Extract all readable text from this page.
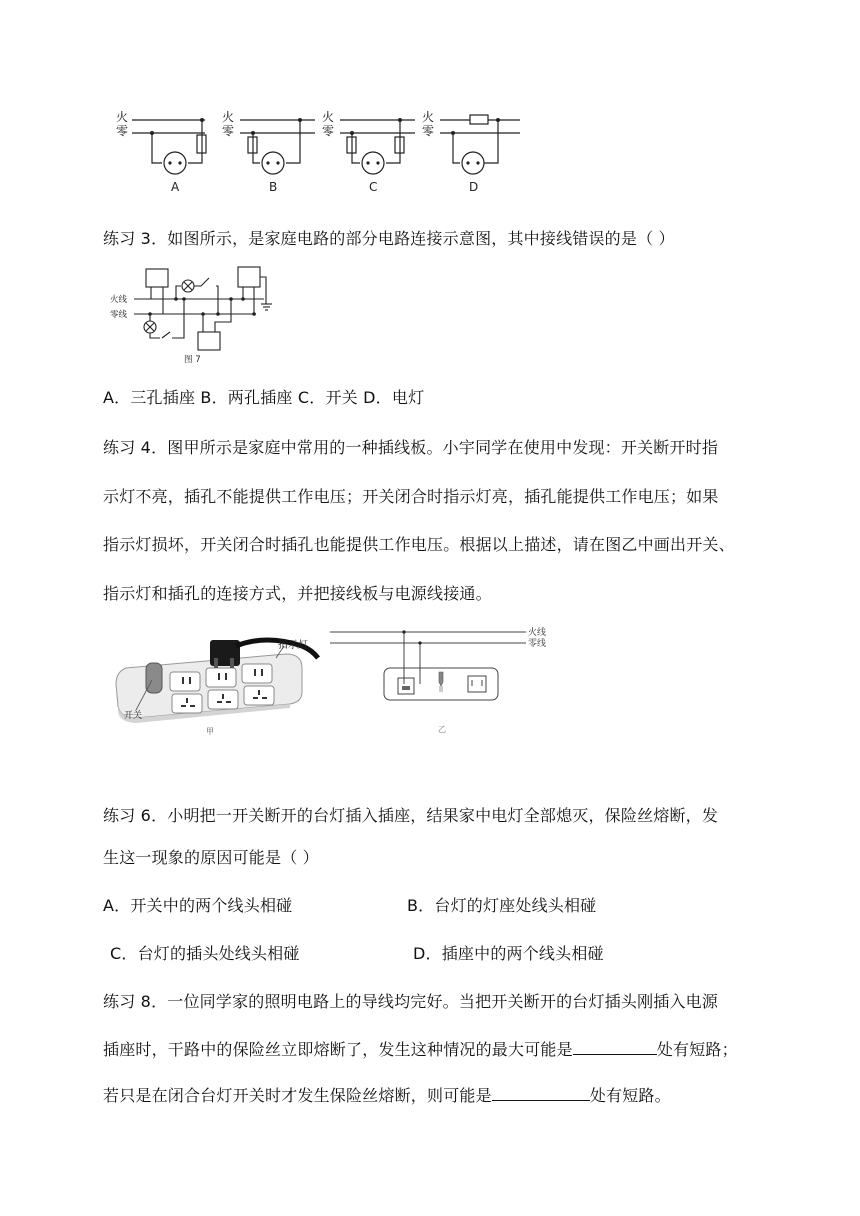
火
零
火
零
火
零
火
零
A	B	C	D
练习 3．如图所示，是家庭电路的部分电路连接示意图，其中接线错误的是（ ）
火线
零线
图 7
A．三孔插座 B．两孔插座 C．开关 D．电灯
练习 4．图甲所示是家庭中常用的一种插线板。小宇同学在使用中发现：开关断开时指
示灯不亮，插孔不能提供工作电压；开关闭合时指示灯亮，插孔能提供工作电压；如果
指示灯损坏，开关闭合时插孔也能提供工作电压。根据以上描述，请在图乙中画出开关、
指示灯和插孔的连接方式，并把接线板与电源线接通。
指示灯
开关
甲
火线
零线
乙
练习 6．小明把一开关断开的台灯插入插座，结果家中电灯全部熄灭，保险丝熔断，发
生这一现象的原因可能是（ ）
A．开关中的两个线头相碰	B．台灯的灯座处线头相碰
C．台灯的插头处线头相碰	D．插座中的两个线头相碰
练习 8．一位同学家的照明电路上的导线均完好。当把开关断开的台灯插头刚插入电源
插座时，干路中的保险丝立即熔断了，发生这种情况的最大可能是	处有短路；
若只是在闭合台灯开关时才发生保险丝熔断，则可能是	处有短路。
